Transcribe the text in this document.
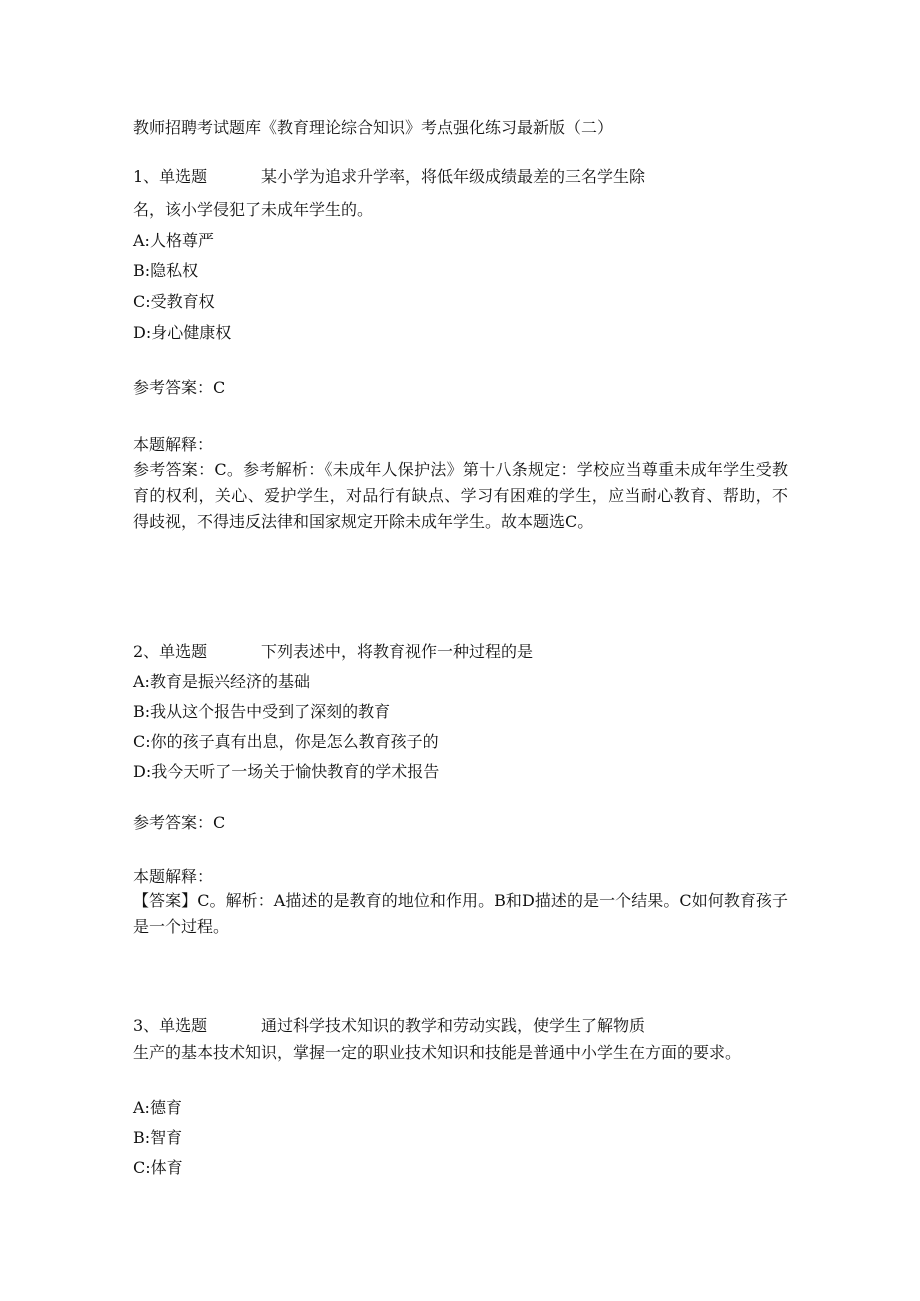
教师招聘考试题库《教育理论综合知识》考点强化练习最新版（二）
1、单选题	某小学为追求升学率，将低年级成绩最差的三名学生除
名，该小学侵犯了未成年学生的。
A:人格尊严
B:隐私权
C:受教育权
D:身心健康权
参考答案：C
本题解释：
参考答案：C。参考解析：《未成年人保护法》第十八条规定：学校应当尊重未成年学生受教育的权利，关心、爱护学生，对品行有缺点、学习有困难的学生，应当耐心教育、帮助，不得歧视，不得违反法律和国家规定开除未成年学生。故本题选C。
2、单选题	下列表述中，将教育视作一种过程的是
A:教育是振兴经济的基础
B:我从这个报告中受到了深刻的教育
C:你的孩子真有出息，你是怎么教育孩子的
D:我今天听了一场关于愉快教育的学术报告
参考答案：C
本题解释：
【答案】C。解析：A描述的是教育的地位和作用。B和D描述的是一个结果。C如何教育孩子是一个过程。
3、单选题	通过科学技术知识的教学和劳动实践，使学生了解物质
生产的基本技术知识，掌握一定的职业技术知识和技能是普通中小学生在方面的要求。
A:德育
B:智育
C:体育
